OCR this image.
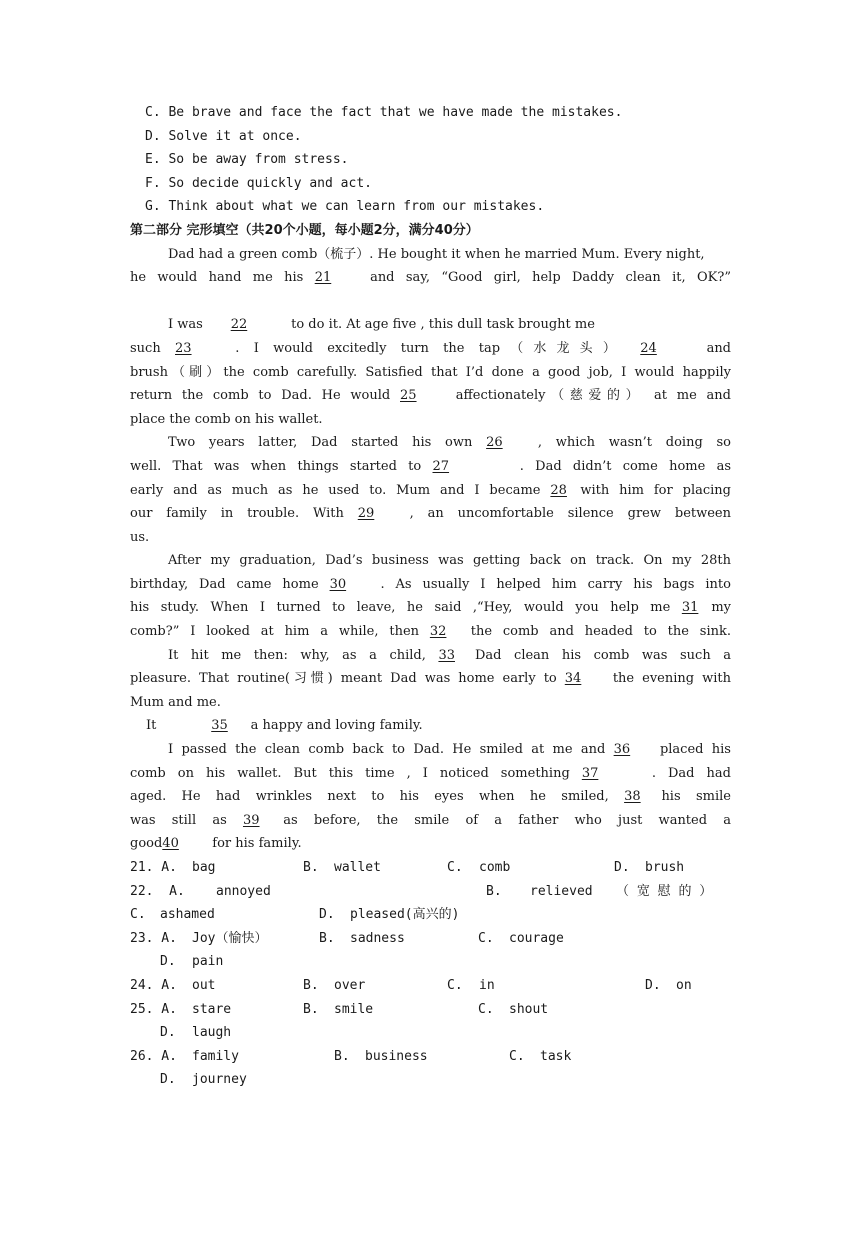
C. Be brave and face the fact that we have made the mistakes.
D. Solve it at once.
E. So be away from stress.
F. So decide quickly and act.
G. Think about what we can learn from our mistakes.
第二部分 完形填空（共20个小题，每小题2分，满分40分）
Dad had a green comb（梳子）. He bought it when he married Mum. Every night,
he would hand me his 21	and say, “Good girl, help Daddy clean it, OK?”
I was 22	to do it. At age five , this dull task brought me
such 23	. I would excitedly turn the tap（水龙头） 24	and
brush（刷）the comb carefully. Satisfied that I’d done a good job, I would happily
return the comb to Dad. He would 25	affectionately（慈爱的） at me and
place the comb on his wallet.
Two years latter, Dad started his own 26	, which wasn’t doing so
well. That was when things started to 27	. Dad didn’t come home as
early and as much as he used to. Mum and I became 28 with him for placing
our family in trouble. With 29	, an uncomfortable silence grew between
us.
After my graduation, Dad’s business was getting back on track. On my 28th
birthday, Dad came home 30	. As usually I helped him carry his bags into
his study. When I turned to leave, he said ,“Hey, would you help me 31 my
comb?” I looked at him a while, then 32 the comb and headed to the sink.
It hit me then: why, as a child, 33 Dad clean his comb was such a
pleasure. That routine(习惯) meant Dad was home early to 34 the evening with
Mum and me.
It	35 a happy and loving family.
I passed the clean comb back to Dad. He smiled at me and 36 placed his
comb on his wallet. But this time , I noticed something 37	. Dad had
aged. He had wrinkles next to his eyes when he smiled, 38 his smile
was still as 39 as before, the smile of a father who just wanted a
good40	for his family.

21. A.

bag

	B.

wallet

	C.

comb

	D.

brush

22.  A.

annoyed

	B.

relieved

（ 宽 慰 的 ）

C.

ashamed

	D.

pleased(高兴的)

23. A.

Joy（愉快）

	B.

sadness

	C.

courage

D.

pain

24. A.

out

	B.

over

	C.

in

	D.

on

25. A.

stare

	B.

smile

	C.

shout

D.

laugh

26. A.

family

	B.

business

	C.

task

D.

journey
